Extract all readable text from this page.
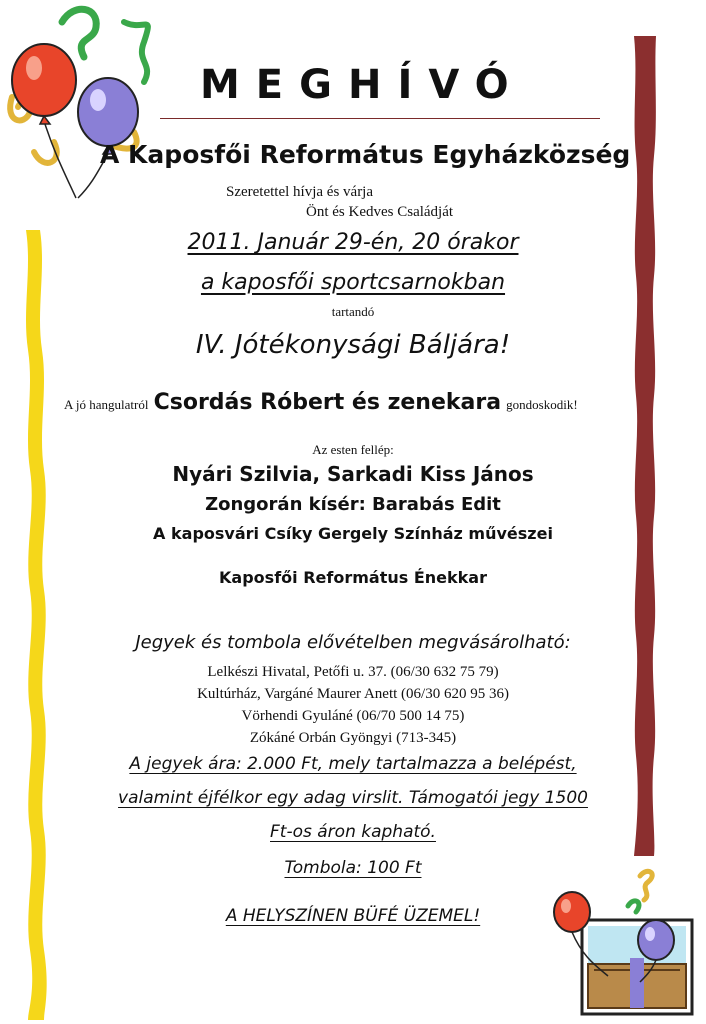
MEGHÍVÓ
A Kaposfői Református Egyházközség
Szeretettel hívja és várja
Önt és Kedves Családját
2011. Január 29-én, 20 órakor
a kaposfői sportcsarnokban
tartandó
IV. Jótékonysági Báljára!
A jó hangulatról Csordás Róbert és zenekara gondoskodik!
Az esten fellép:
Nyári Szilvia, Sarkadi Kiss János
Zongorán kísér: Barabás Edit
A kaposvári Csíky Gergely Színház művészei
Kaposfői Református Énekkar
Jegyek és tombola elővételben megvásárolható:
Lelkészi Hivatal, Petőfi u. 37. (06/30 632 75 79)
Kultúrház, Vargáné Maurer Anett (06/30 620 95 36)
Vörhendi Gyuláné (06/70 500 14 75)
Zókáné Orbán Gyöngyi (713-345)
A jegyek ára: 2.000 Ft, mely tartalmazza a belépést,
valamint éjfélkor egy adag virslit. Támogatói jegy 1500
Ft-os áron kapható.
Tombola: 100 Ft
A HELYSZÍNEN BÜFÉ ÜZEMEL!
